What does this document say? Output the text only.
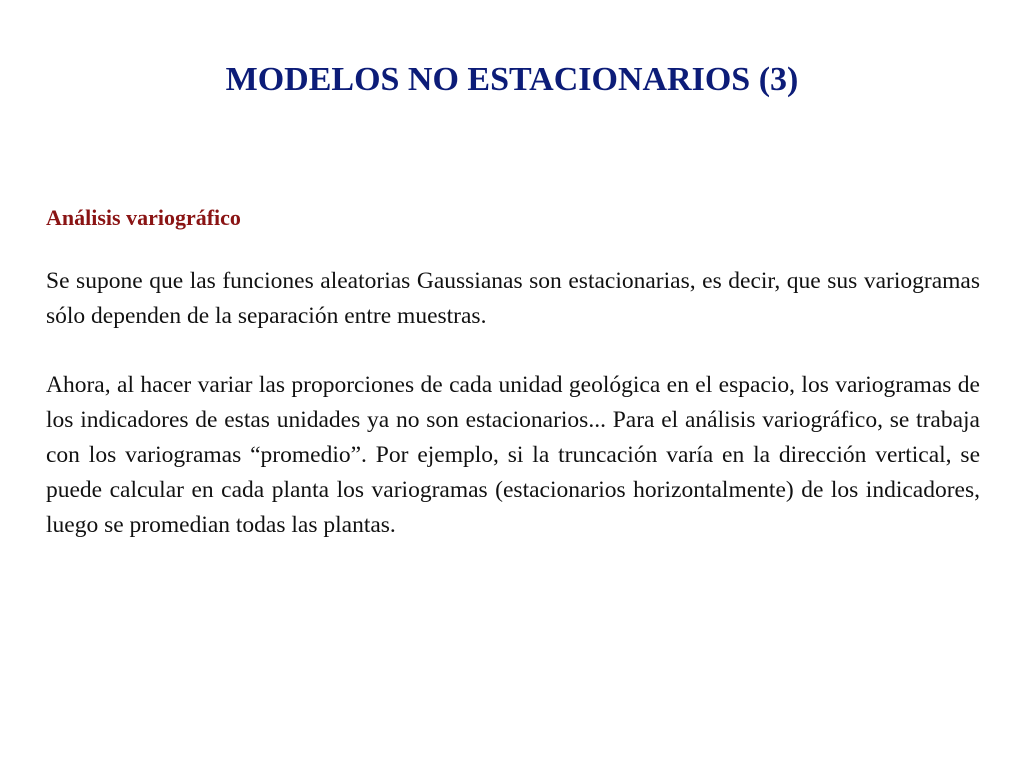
MODELOS NO ESTACIONARIOS (3)
Análisis variográfico

Se supone que las funciones aleatorias Gaussianas son estacionarias, es decir, que sus variogramas sólo dependen de la separación entre muestras.

Ahora, al hacer variar las proporciones de cada unidad geológica en el espacio, los variogramas de los indicadores de estas unidades ya no son estacionarios... Para el análisis variográfico, se trabaja con los variogramas “promedio”. Por ejemplo, si la truncación varía en la dirección vertical, se puede calcular en cada planta los variogramas (estacionarios horizontalmente) de los indicadores, luego se promedian todas las plantas.
